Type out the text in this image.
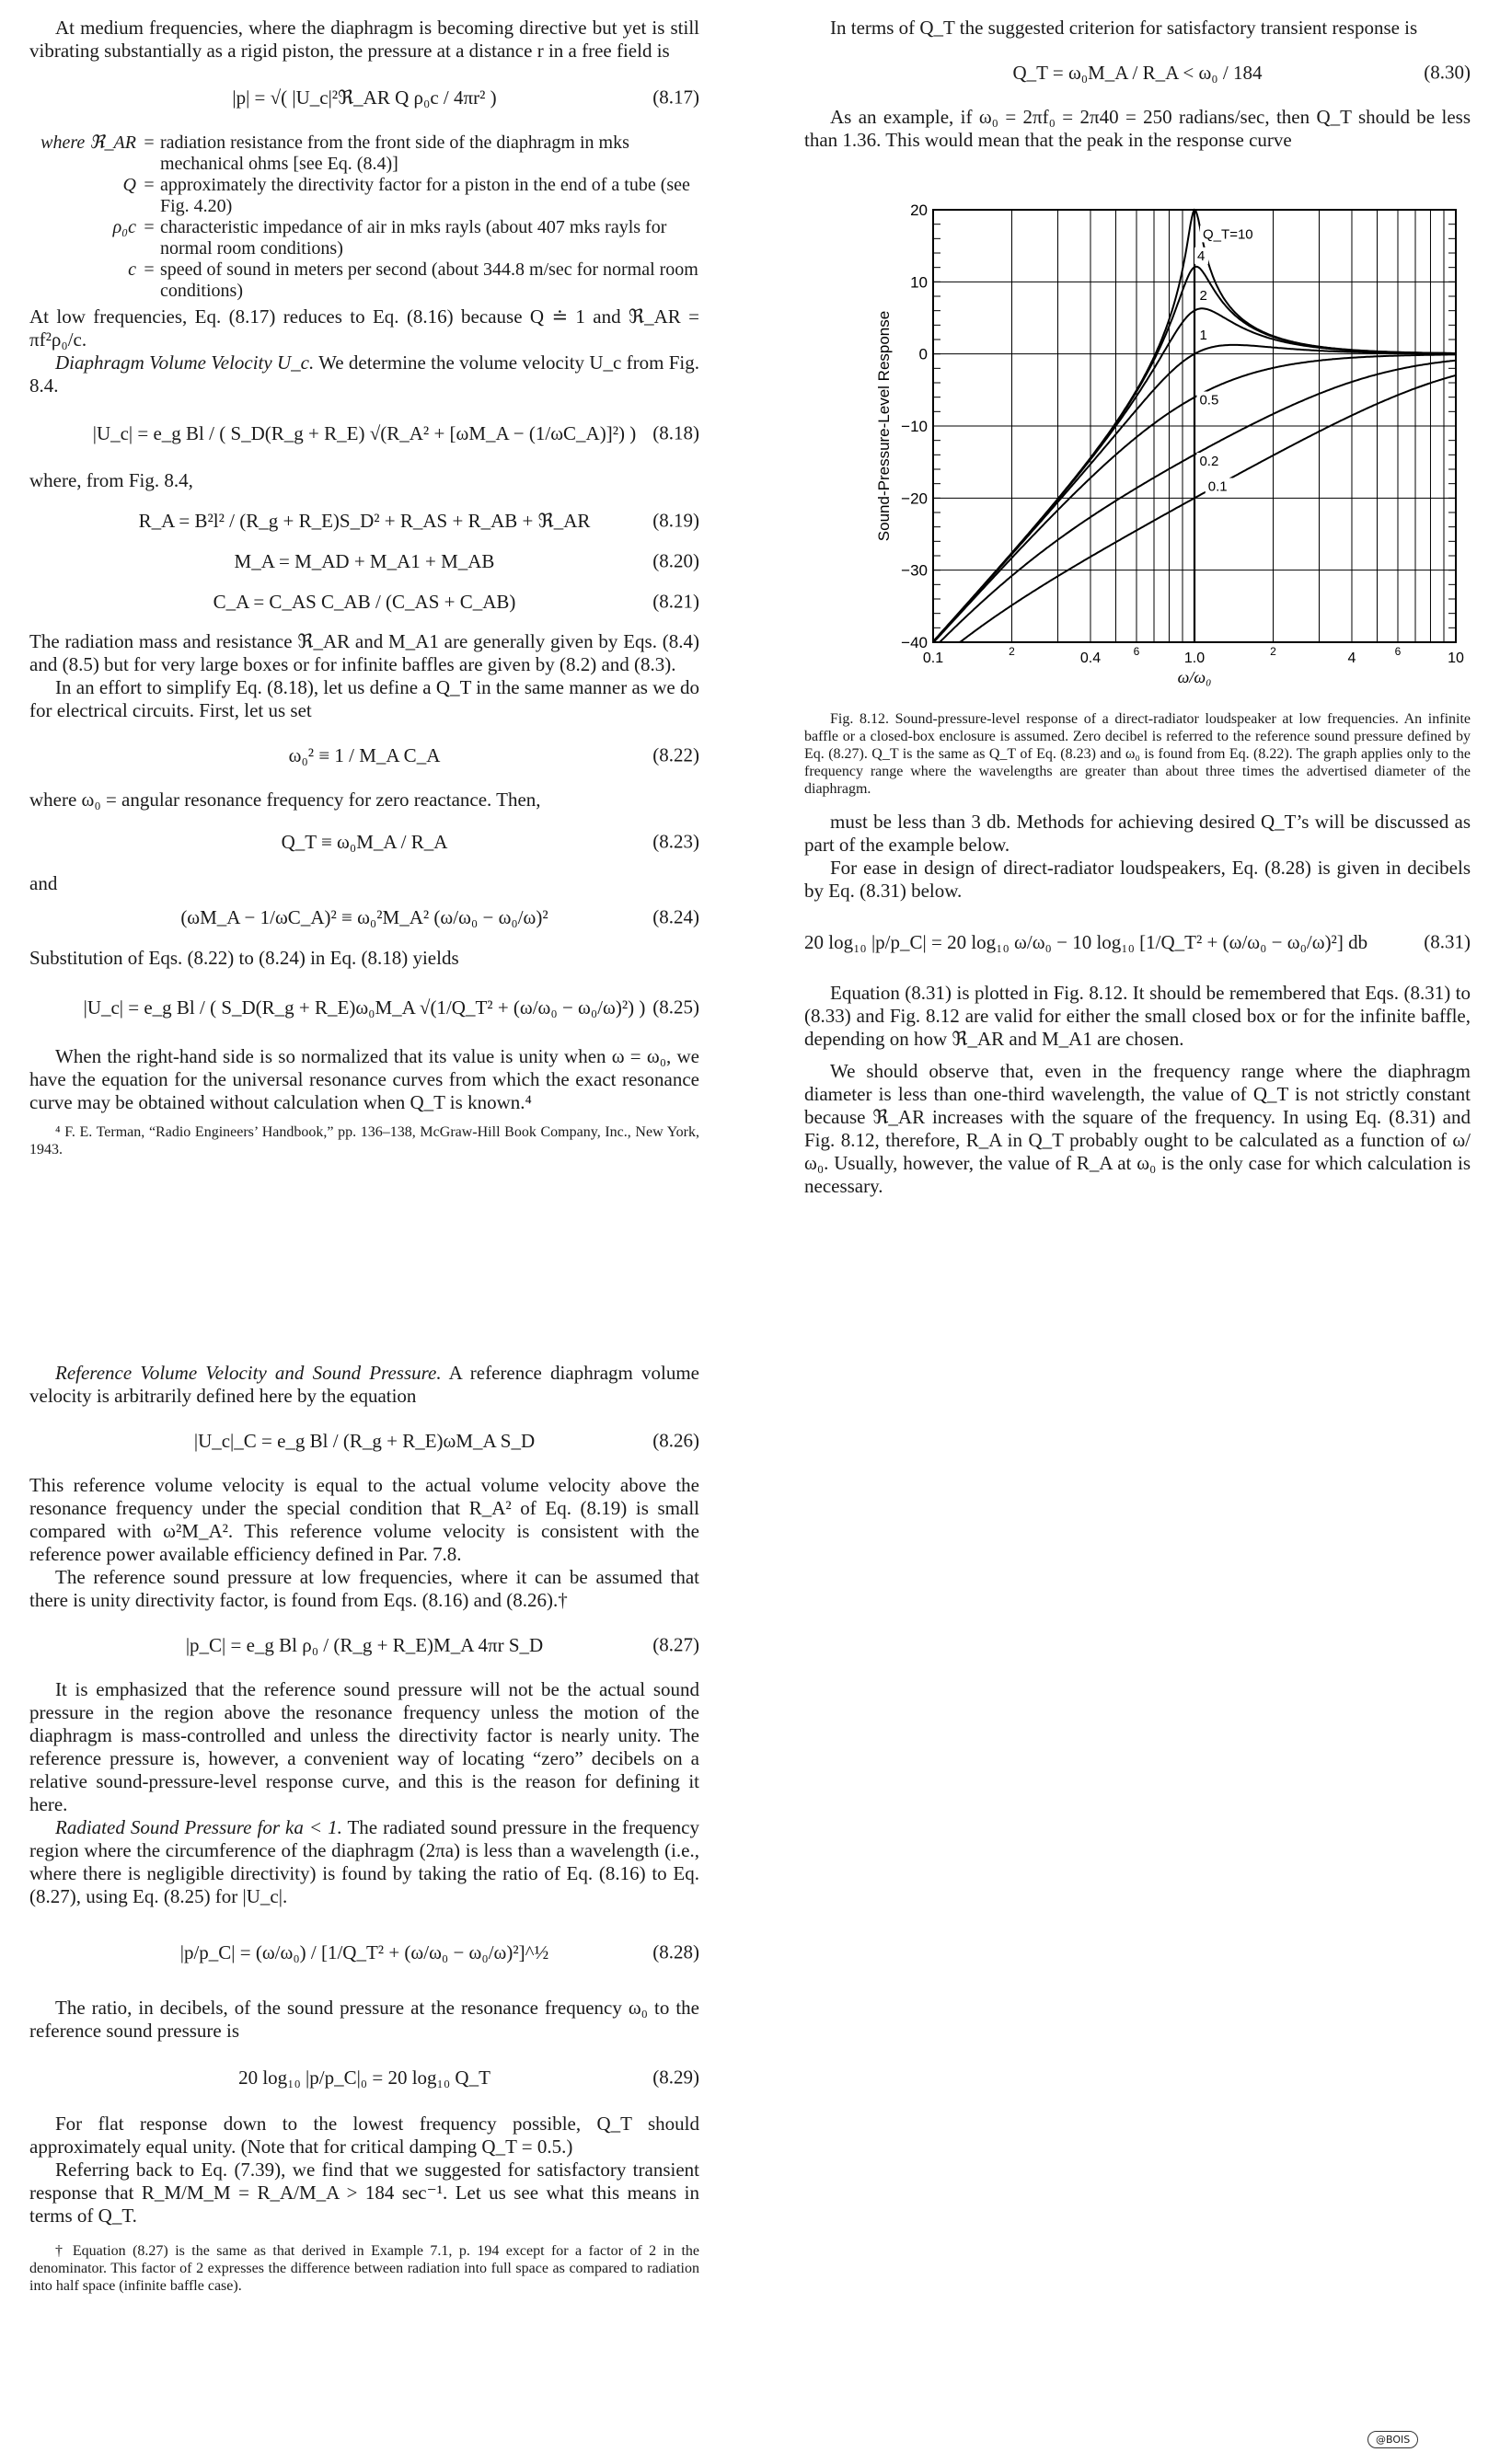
At medium frequencies, where the diaphragm is becoming directive but yet is still vibrating substantially as a rigid piston, the pressure at a distance r in a free field is

|p| = √( |U_c|²ℜ_AR Q ρ₀c / 4πr² )	(8.17)
where ℜ_AR = radiation resistance from the front side of the diaphragm in mks mechanical ohms [see Eq. (8.4)]
Q = approximately the directivity factor for a piston in the end of a tube (see Fig. 4.20)
ρ₀c = characteristic impedance of air in mks rayls (about 407 mks rayls for normal room conditions)
c = speed of sound in meters per second (about 344.8 m/sec for normal room conditions)

At low frequencies, Eq. (8.17) reduces to Eq. (8.16) because Q ≐ 1 and ℜ_AR = πf²ρ₀/c.

Diaphragm Volume Velocity U_c. We determine the volume velocity U_c from Fig. 8.4.

|U_c| = e_g Bl / ( S_D(R_g + R_E) √(R_A² + [ωM_A − (1/ωC_A)]²) ) (8.18)

where, from Fig. 8.4,

R_A = B²l² / (R_g + R_E)S_D² + R_AS + R_AB + ℜ_AR	(8.19)
M_A = M_AD + M_A1 + M_AB	(8.20)
C_A = C_AS C_AB / (C_AS + C_AB)	(8.21)

The radiation mass and resistance ℜ_AR and M_A1 are generally given by Eqs. (8.4) and (8.5) but for very large boxes or for infinite baffles are given by (8.2) and (8.3).

In an effort to simplify Eq. (8.18), let us define a Q_T in the same manner as we do for electrical circuits. First, let us set

ω₀² ≡ 1 / M_A C_A	(8.22)

where ω₀ = angular resonance frequency for zero reactance. Then,

Q_T ≡ ω₀M_A / R_A	(8.23)

and

(ωM_A − 1/ωC_A)² ≡ ω₀²M_A² (ω/ω₀ − ω₀/ω)²	(8.24)

Substitution of Eqs. (8.22) to (8.24) in Eq. (8.18) yields

|U_c| = e_g Bl / ( S_D(R_g + R_E)ω₀M_A √(1/Q_T² + (ω/ω₀ − ω₀/ω)²) ) (8.25)

When the right-hand side is so normalized that its value is unity when ω = ω₀, we have the equation for the universal resonance curves from which the exact resonance curve may be obtained without calculation when Q_T is known.⁴

⁴ F. E. Terman, “Radio Engineers’ Handbook,” pp. 136–138, McGraw-Hill Book Company, Inc., New York, 1943.

Reference Volume Velocity and Sound Pressure. A reference diaphragm volume velocity is arbitrarily defined here by the equation

|U_c|_C = e_g Bl / (R_g + R_E)ωM_A S_D	(8.26)

This reference volume velocity is equal to the actual volume velocity above the resonance frequency under the special condition that R_A² of Eq. (8.19) is small compared with ω²M_A². This reference volume velocity is consistent with the reference power available efficiency defined in Par. 7.8.

The reference sound pressure at low frequencies, where it can be assumed that there is unity directivity factor, is found from Eqs. (8.16) and (8.26).†

|p_C| = e_g Bl ρ₀ / (R_g + R_E)M_A 4πr S_D	(8.27)

It is emphasized that the reference sound pressure will not be the actual sound pressure in the region above the resonance frequency unless the motion of the diaphragm is mass-controlled and unless the directivity factor is nearly unity. The reference pressure is, however, a convenient way of locating “zero” decibels on a relative sound-pressure-level response curve, and this is the reason for defining it here.

Radiated Sound Pressure for ka < 1. The radiated sound pressure in the frequency region where the circumference of the diaphragm (2πa) is less than a wavelength (i.e., where there is negligible directivity) is found by taking the ratio of Eq. (8.16) to Eq. (8.27), using Eq. (8.25) for |U_c|.

|p/p_C| = (ω/ω₀) / [1/Q_T² + (ω/ω₀ − ω₀/ω)²]^½	(8.28)

The ratio, in decibels, of the sound pressure at the resonance frequency ω₀ to the reference sound pressure is

20 log₁₀ |p/p_C|₀ = 20 log₁₀ Q_T	(8.29)

For flat response down to the lowest frequency possible, Q_T should approximately equal unity. (Note that for critical damping Q_T = 0.5.)

Referring back to Eq. (7.39), we find that we suggested for satisfactory transient response that R_M/M_M = R_A/M_A > 184 sec⁻¹. Let us see what this means in terms of Q_T.

† Equation (8.27) is the same as that derived in Example 7.1, p. 194 except for a factor of 2 in the denominator. This factor of 2 expresses the difference between radiation into full space as compared to radiation into half space (infinite baffle case).

In terms of Q_T the suggested criterion for satisfactory transient response is

Q_T = ω₀M_A / R_A < ω₀ / 184	(8.30)

As an example, if ω₀ = 2πf₀ = 2π40 = 250 radians/sec, then Q_T should be less than 1.36. This would mean that the peak in the response curve

20
10
0
−10
−20
−30
−40
0.1	2	0.4	6	1.0	2	4	6	10
ω/ω₀
Sound-Pressure-Level Response
Q_T=10
4
2
1
0.5
0.2
0.1

Fig. 8.12. Sound-pressure-level response of a direct-radiator loudspeaker at low frequencies. An infinite baffle or a closed-box enclosure is assumed. Zero decibel is referred to the reference sound pressure defined by Eq. (8.27). Q_T is the same as Q_T of Eq. (8.23) and ω₀ is found from Eq. (8.22). The graph applies only to the frequency range where the wavelengths are greater than about three times the advertised diameter of the diaphragm.

must be less than 3 db. Methods for achieving desired Q_T’s will be discussed as part of the example below.

For ease in design of direct-radiator loudspeakers, Eq. (8.28) is given in decibels by Eq. (8.31) below.

20 log₁₀ |p/p_C| = 20 log₁₀ ω/ω₀ − 10 log₁₀ [1/Q_T² + (ω/ω₀ − ω₀/ω)²] db	(8.31)

Equation (8.31) is plotted in Fig. 8.12. It should be remembered that Eqs. (8.31) to (8.33) and Fig. 8.12 are valid for either the small closed box or for the infinite baffle, depending on how ℜ_AR and M_A1 are chosen.

We should observe that, even in the frequency range where the diaphragm diameter is less than one-third wavelength, the value of Q_T is not strictly constant because ℜ_AR increases with the square of the frequency. In using Eq. (8.31) and Fig. 8.12, therefore, R_A in Q_T probably ought to be calculated as a function of ω/ω₀. Usually, however, the value of R_A at ω₀ is the only case for which calculation is necessary.

@BOIS
